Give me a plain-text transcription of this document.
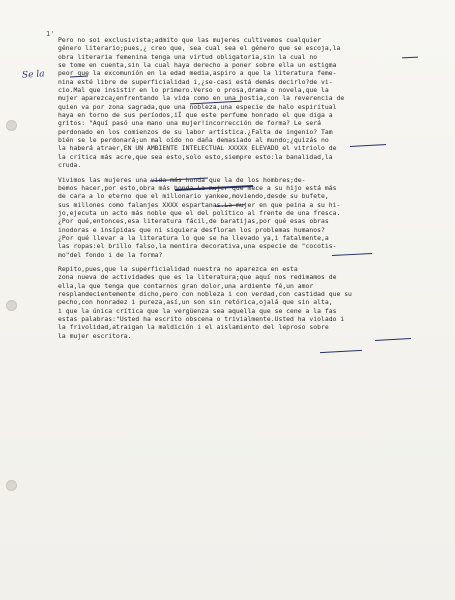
1'
Se la
Pero no soi exclusivista;admito que las mujeres cultivemos cualquier
género literario;pues,¿ creo que, sea cual sea el género que se escoja,la
obra literaria femenina tenga una virtud obligatoria,sin la cual no
se tome en cuenta,sin la cual haya derecho a poner sobre ella un estigma
peor que la excomunión en la edad media,aspiro a que la literatura feme-
nina esté libre de superficialidad i,¿se-casi está demás decirlo?de vi-
cio.Mal que insistir en lo primero.Verso o prosa,drama o novela,que la
mujer aparezca¿enfrentando la vida como en una hostia,con la reverencia de
quien va por zona sagrada,que una nobleza,una especie de halo espiritual
haya en torno de sus períodos,iÍ que este perfume honrado el que diga a
gritos: "Aquí pasó una mano una mujer!incorrección de forma? Le será
perdonado en los comienzos de su labor artística.¿Falta de ingenio? Tam
bién se le perdonará;un mal oído no daña demasiado al mundo;¿quizás no
la haberá atraer,EN UN AMBIENTE INTELECTUAL XXXXX ELEVADO el vitriolo de
la crítica más acre,que sea esto,solo esto,siempre esto:la banalidad,la
cruda.
Vivimos las mujeres una vida más honda que la de los hombres;de-
bemos hacer,por esto,obra más honda.La mujer que mece a su hijo está más
de cara a lo eterno que el millonario yankee,moviendo,desde su bufete,
sus millones como falanjes XXXX espartanas.La mujer en que peina a su hi-
jo,ejecuta un acto más noble que el del político al frente de una fresca.
¿Por qué,entonces,esa literatura fácil,de baratijas,por qué esas obras
inodoras e insípidas que ni siquiera desfloran los problemas humanos?
¿Por qué llevar a la literatura lo que se ha llevado ya,i fatalmente,a
las ropas:el brillo falso,la mentira decorativa,una especie de "cocotis-
mo"del fondo i de la forma?
Repito,pues,que la superficialidad nuestra no aparezca en esta
zona nueva de actividades que es la literatura;que aquí nos redimamos de
ella,la que tenga que contarnos gran dolor,una ardiente fé,un amor
resplandecientemente dicho,pero con nobleza i con verdad,con castidad que su
pecho,con honradez i pureza,así,un son sin retórica,ojalá que sin alta,
i que la única crítica que la vergüenza sea aquella que se cene a la fas
estas palabras:"Usted ha escrito obscena o trivialmente.Usted ha violado i
la frivolidad,atraigan la maldición i el aislamiento del leproso sobre
la mujer escritora.
